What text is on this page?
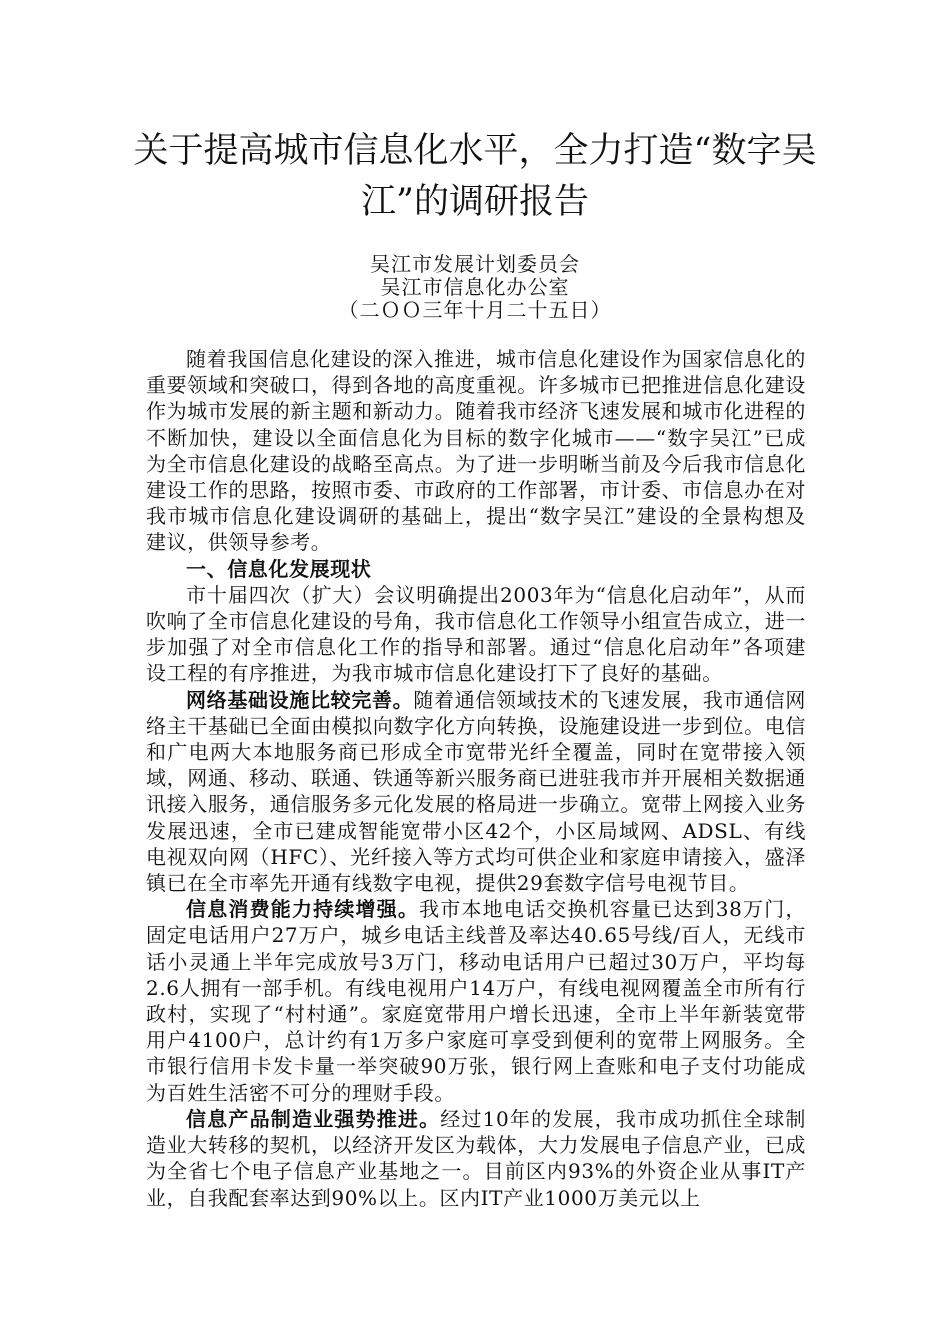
关于提高城市信息化水平，全力打造“数字吴江”的调研报告
吴江市发展计划委员会
吴江市信息化办公室
（二ＯＯ三年十月二十五日）

随着我国信息化建设的深入推进，城市信息化建设作为国家信息化的重要领域和突破口，得到各地的高度重视。许多城市已把推进信息化建设作为城市发展的新主题和新动力。随着我市经济飞速发展和城市化进程的不断加快，建设以全面信息化为目标的数字化城市——“数字吴江”已成为全市信息化建设的战略至高点。为了进一步明晰当前及今后我市信息化建设工作的思路，按照市委、市政府的工作部署，市计委、市信息办在对我市城市信息化建设调研的基础上，提出“数字吴江”建设的全景构想及建议，供领导参考。

一、信息化发展现状

市十届四次（扩大）会议明确提出2003年为“信息化启动年”，从而吹响了全市信息化建设的号角，我市信息化工作领导小组宣告成立，进一步加强了对全市信息化工作的指导和部署。通过“信息化启动年”各项建设工程的有序推进，为我市城市信息化建设打下了良好的基础。

网络基础设施比较完善。随着通信领域技术的飞速发展，我市通信网络主干基础已全面由模拟向数字化方向转换，设施建设进一步到位。电信和广电两大本地服务商已形成全市宽带光纤全覆盖，同时在宽带接入领域，网通、移动、联通、铁通等新兴服务商已进驻我市并开展相关数据通讯接入服务，通信服务多元化发展的格局进一步确立。宽带上网接入业务发展迅速，全市已建成智能宽带小区42个，小区局域网、ADSL、有线电视双向网（HFC）、光纤接入等方式均可供企业和家庭申请接入，盛泽镇已在全市率先开通有线数字电视，提供29套数字信号电视节目。

信息消费能力持续增强。我市本地电话交换机容量已达到38万门，固定电话用户27万户，城乡电话主线普及率达40.65号线/百人，无线市话小灵通上半年完成放号3万门，移动电话用户已超过30万户，平均每2.6人拥有一部手机。有线电视用户14万户，有线电视网覆盖全市所有行政村，实现了“村村通”。家庭宽带用户增长迅速，全市上半年新装宽带用户4100户，总计约有1万多户家庭可享受到便利的宽带上网服务。全市银行信用卡发卡量一举突破90万张，银行网上查账和电子支付功能成为百姓生活密不可分的理财手段。

信息产品制造业强势推进。经过10年的发展，我市成功抓住全球制造业大转移的契机，以经济开发区为载体，大力发展电子信息产业，已成为全省七个电子信息产业基地之一。目前区内93%的外资企业从事IT产业，自我配套率达到90%以上。区内IT产业1000万美元以上
